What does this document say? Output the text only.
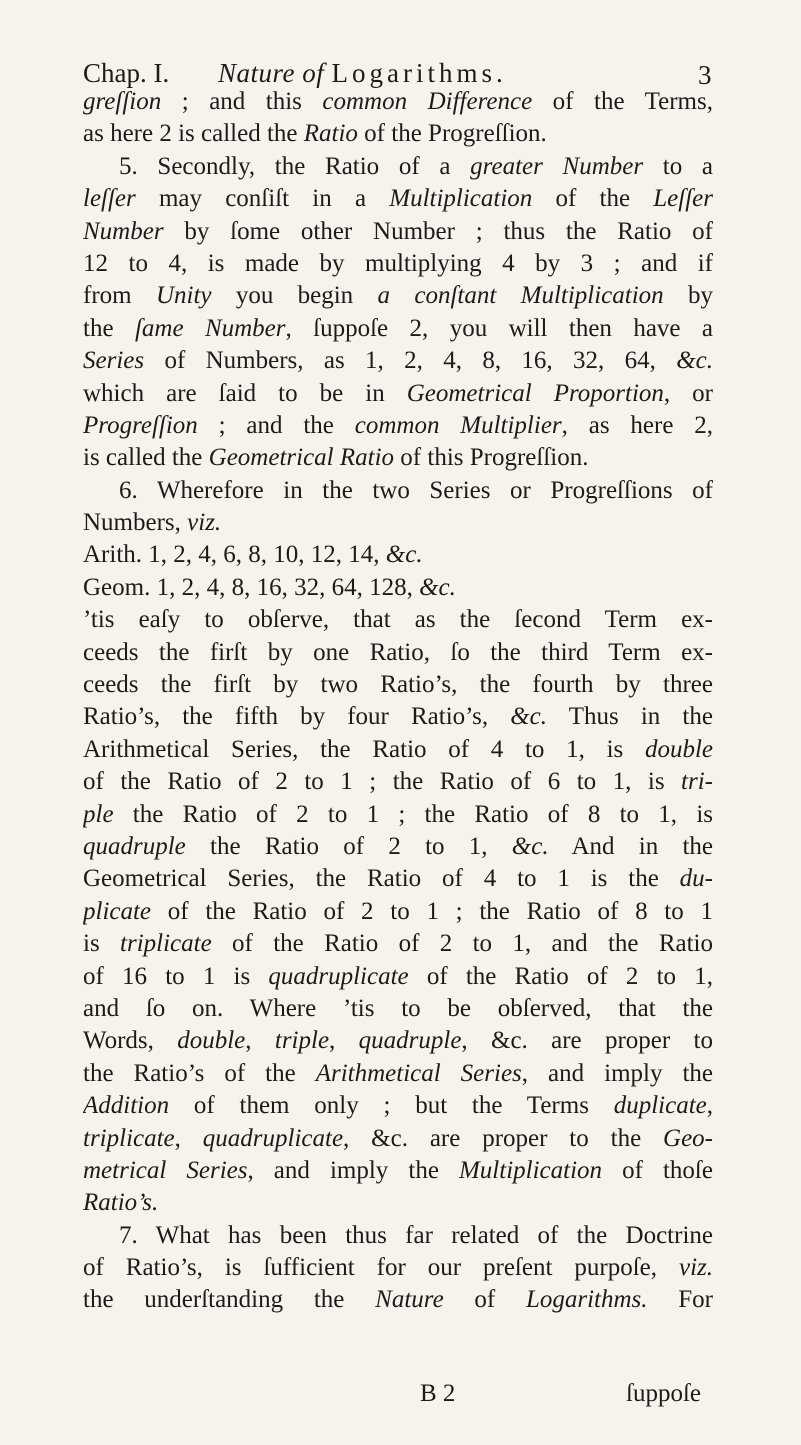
Chap. I. Nature of Logarithms.	3
greſſion ; and this common Difference of the Terms,
as here 2 is called the Ratio of the Progreſſion.
5. Secondly, the Ratio of a greater Number to a
leſſer may conſiſt in a Multiplication of the Leſſer
Number by ſome other Number ; thus the Ratio of
12 to 4, is made by multiplying 4 by 3 ; and if
from Unity you begin a conſtant Multiplication by
the ſame Number, ſuppoſe 2, you will then have a
Series of Numbers, as 1, 2, 4, 8, 16, 32, 64, &c.
which are ſaid to be in Geometrical Proportion, or
Progreſſion ; and the common Multiplier, as here 2,
is called the Geometrical Ratio of this Progreſſion.
6. Wherefore in the two Series or Progreſſions of
Numbers, viz.
Arith. 1, 2, 4, 6, 8, 10, 12, 14, &c.
Geom. 1, 2, 4, 8, 16, 32, 64, 128, &c.
’tis eaſy to obſerve, that as the ſecond Term ex-
ceeds the firſt by one Ratio, ſo the third Term ex-
ceeds the firſt by two Ratio’s, the fourth by three
Ratio’s, the fifth by four Ratio’s, &c. Thus in the
Arithmetical Series, the Ratio of 4 to 1, is double
of the Ratio of 2 to 1 ; the Ratio of 6 to 1, is tri-
ple the Ratio of 2 to 1 ; the Ratio of 8 to 1, is
quadruple the Ratio of 2 to 1, &c. And in the
Geometrical Series, the Ratio of 4 to 1 is the du-
plicate of the Ratio of 2 to 1 ; the Ratio of 8 to 1
is triplicate of the Ratio of 2 to 1, and the Ratio
of 16 to 1 is quadruplicate of the Ratio of 2 to 1,
and ſo on. Where ’tis to be obſerved, that the
Words, double, triple, quadruple, &c. are proper to
the Ratio’s of the Arithmetical Series, and imply the
Addition of them only ; but the Terms duplicate,
triplicate, quadruplicate, &c. are proper to the Geo-
metrical Series, and imply the Multiplication of thoſe
Ratio’s.
7. What has been thus far related of the Doctrine
of Ratio’s, is ſufficient for our preſent purpoſe, viz.
the underſtanding the Nature of Logarithms. For
B 2	ſuppoſe
